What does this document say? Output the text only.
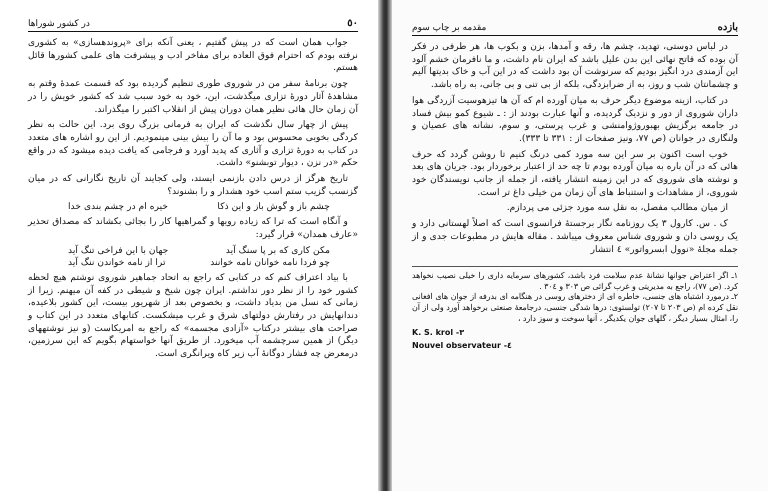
٥٠
در کشور شوراها

جواب همان است که در پیش گفتیم ، یعنی آنکه برای «پروندهسازی» به کشوری نرفته بودم که احترام فوق العاده برای مفاخر ادب و پیشرفت های علمی کشورها قائل هستم.

چون برنامهٔ سفر من در شوروی طوری تنظیم گردیده بود که قسمت عمدهٔ وقتم به مشاهدهٔ آثار دورهٔ تزاری میگذشت، این، خود به خود سبب شد که کشور خویش را در آن زمان حال هائی نظیر همان دوران پیش از انقلاب اکتبر را میگذراند.

پیش از چهار سال نگذشت که ایران به فرمانی بزرگ روی برد. این حالت به نظر کردگی بخوبی محسوس بود و ما آن را بیش بینی مینمودیم. از این رو اشاره های متعدد در کتاب به دورهٔ تزاری و آثاری که پدید آورد و فرجامی که یافت دیده میشود که در واقع حکم «در نزن ، دیوار توبشنو» داشت.

تاریخ هرگز از درس دادن بازنمی ایستد، ولی کجایند آن تاریخ نگارانی که در میان گزنسب گزیب ستم اسب خود هشدار و را بشنوند؟

چشم باز و گوش باز و این ذکا
خیره ام در چشم بندی خدا

و آنگاه است که ترا که زیاده رویها و گمراهیها کار را بجائی بکشاند که مصداق تحذیر «عارف همدان» قرار گیرد:

مکن کاری که بر پا سنگ آید
جهان با این فراخی تنگ آید
چو فردا نامه خوانان نامه خوانند
ترا از نامه خواندن ننگ آید

با بیاد اعتراف کنم که در کتابی که راجع به اتحاد جماهیر شوروی نوشتم هیچ لحظه کشور خود را از نظر دور نداشتم. ایران چون شیخ و شیطی در کفه آن میهنم. زیرا از زمانی که نسل من بدیاد داشت، و بخصوص بعد از شهریور بیست، این کشور بلاعیده، دندانهایش در رفتارش دولتهای شرق و غرب میشکست. کتابهای متعدد در این کتاب و صراحت های بیشتر درکتاب «آزادی مجسمه» که راجع به امریکاست (و نیز نوشتههای دیگر) از همین سرچشمه آب میخورد. از طریق آنها خواستهام بگویم که این سرزمین، درمعرض چه فشار دوگانهٔ آب زیر کاه ویرانگری است.

بازده
مقدمه بر چاپ سوم

در لباس دوستی، تهدید، چشم ها، رقه و آمدها، بزن و بکوب ها، هر طرفی در فکر آن بوده که فاتح نهائی این بدن علیل باشد که ایران نام داشت، و ما نافرمان خشم آلود این آزمندی درد انگیز بودیم که سرنوشت آن بود داشت که در این آب و خاک بدیتها آلیم و چشمانتان شب و روز، به از ضرابزدگی، بلکه از بی تنی و بی جانی، به راه باشد.

در کتاب، ازینه موضوع دیگر حرف به میان آورده ام که آن ها تیزهوسیت آزردگی هوا داران شوروی از دور و نزدیک گردیده، و آنها عبارت بودند از : ـ شیوع کمو بیش فساد در جامعه برگزیش بهبوروژوامنشی و غرب پرستی، و سوم، نشانه های عصیان و ولنگاری در جوانان (ص ٧٧، ونیز صفحات از : ٣٣١ تا ٣٣٣).

خوب است اکنون بر سر این سه مورد کمی درنگ کنیم تا روشن گردد که حرف هائی که در آن باره به میان آورده بودم تا چه حد از اعتبار برخوردار بود. جریان های بعد و نوشته های شوروی که در این زمینه انتشار یافته، از جمله از جانب نویسندگان خود شوروی، از مشاهدات و استنباط های آن زمان من خیلی داغ تر است.

از میان مطالب مفصل، به نقل سه مورد جزئی می پردازم.

ک . س. کارول ٣ یک روزنامه نگار برجستهٔ فرانسوی است که اصلاً لهستانی دارد و یک روسی دان و شوروی شناس معروف میباشد . مقاله هایش در مطبوعات جدی و از جمله مجلهٔ «نوول ابسرواتور» ٤ انتشار

١ـ اگر اعتراض جوانها نشانهٔ عدم سلامت فرد باشد، کشورهای سرمایه داری را خیلی نصیب نخواهد کرد. (ص ٧٧)، راجع به مدیریتی و غرب گرائی ص ٣٠٣ و ٣٠٤ .

٢ـ درمورد اشتباه های جنسی، خاطره ای از دخترهای روسی در هنگامه ای بدرفه از جوان های افغانی نقل کرده ام (ص ٢٠٣ تا ٢٠٧) تولستوی: درها شدگی جنسی، درجامعهٔ صنعتی برخواهد آورد ولی از آن را، امثال بسیار دیگر ، گلهای جوان یکدیگر ، آنها سوخت و سوز دارد ،

K. S. krol -٣

Nouvel observateur -٤
